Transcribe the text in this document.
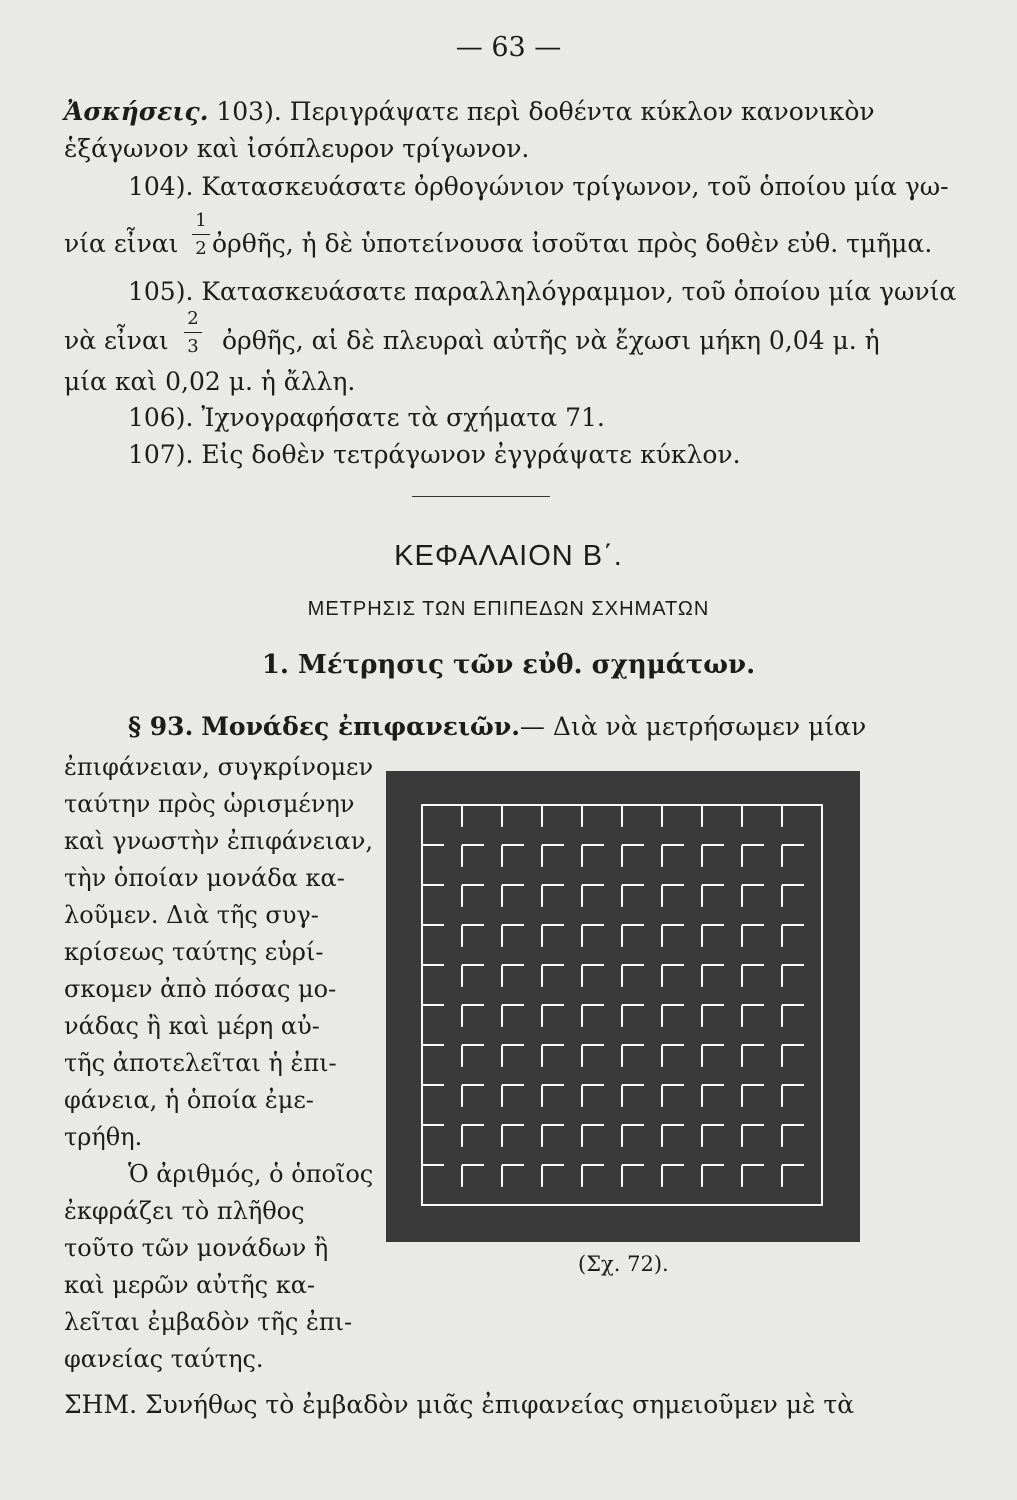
— 63 —
Ἀσκήσεις. 103). Περιγράψατε περὶ δοθέντα κύκλον κανονικὸν
ἑξάγωνον καὶ ἰσόπλευρον τρίγωνον.
104). Κατασκευάσατε ὀρθογώνιον τρίγωνον, τοῦ ὁποίου μία γω-
νία εἶναι
1
2 ὀρθῆς, ἡ δὲ ὑποτείνουσα ἰσοῦται πρὸς δοθὲν εὐθ. τμῆμα.
105). Κατασκευάσατε παραλληλόγραμμον, τοῦ ὁποίου μία γωνία
νὰ εἶναι
2
3 ὀρθῆς, αἱ δὲ πλευραὶ αὐτῆς νὰ ἔχωσι μήκη 0,04 μ. ἡ
μία καὶ 0,02 μ. ἡ ἄλλη.
106). Ἰχνογραφήσατε τὰ σχήματα 71.
107). Εἰς δοθὲν τετράγωνον ἐγγράψατε κύκλον.
ΚΕΦΑΛΑΙΟΝ Β΄.
ΜΕΤΡΗΣΙΣ ΤΩΝ ΕΠΙΠΕΔΩΝ ΣΧΗΜΑΤΩΝ
1. Μέτρησις τῶν εὐθ. σχημάτων.
§ 93. Μονάδες ἐπιφανειῶν.— Διὰ νὰ μετρήσωμεν μίαν
ἐπιφάνειαν, συγκρίνομεν
ταύτην πρὸς ὡρισμένην
καὶ γνωστὴν ἐπιφάνειαν,
τὴν ὁποίαν μονάδα κα-
λοῦμεν. Διὰ τῆς συγ-
κρίσεως ταύτης εὑρί-
σκομεν ἀπὸ πόσας μο-
νάδας ἢ καὶ μέρη αὐ-
τῆς ἀποτελεῖται ἡ ἐπι-
φάνεια, ἡ ὁποία ἐμε-
τρήθη.
Ὁ ἀριθμός, ὁ ὁποῖος
ἐκφράζει τὸ πλῆθος
τοῦτο τῶν μονάδων ἢ
καὶ μερῶν αὐτῆς κα-
λεῖται ἐμβαδὸν τῆς ἐπι-
φανείας ταύτης.
(Σχ. 72).
ΣΗΜ. Συνήθως τὸ ἐμβαδὸν μιᾶς ἐπιφανείας σημειοῦμεν μὲ τὰ
